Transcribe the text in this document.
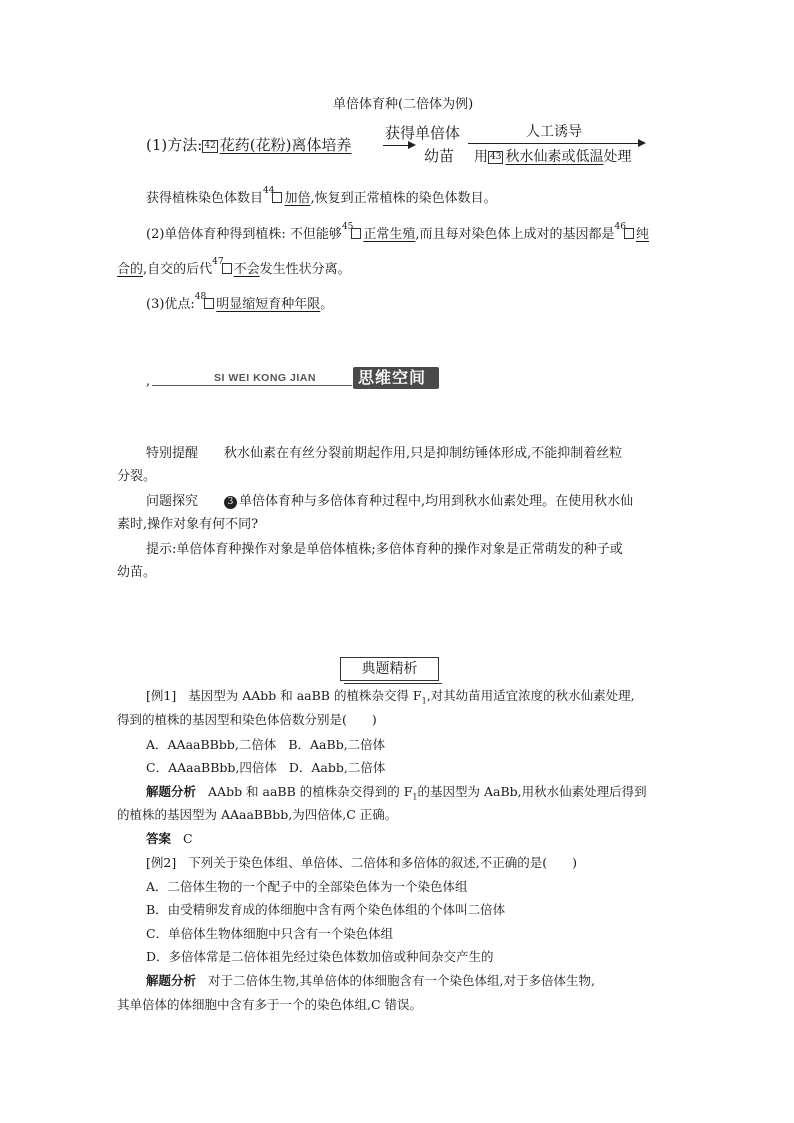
单倍体育种(二倍体为例)
(1)方法: 42 花药(花粉)离体培养
获得单倍体
幼苗
人工诱导
用 43 秋水仙素或低温处理
获得植株染色体数目$^{44}$ 加倍,恢复到正常植株的染色体数目。
(2)单倍体育种得到植株: 不但能够$^{45}$ 正常生殖,而且每对染色体上成对的基因都是$^{46}$ 纯
合的,自交的后代$^{47}$ 不会发生性状分离。
(3)优点:$^{48}$ 明显缩短育种年限。
,	SI WEI KONG JIAN	思维空间
特别提醒 秋水仙素在有丝分裂前期起作用,只是抑制纺锤体形成,不能抑制着丝粒
分裂。
问题探究	3 单倍体育种与多倍体育种过程中,均用到秋水仙素处理。在使用秋水仙
素时,操作对象有何不同?
提示:单倍体育种操作对象是单倍体植株;多倍体育种的操作对象是正常萌发的种子或
幼苗。
典题精析
[例1] 基因型为 AAbb 和 aaBB 的植株杂交得 $F_1$,对其幼苗用适宜浓度的秋水仙素处理,
得到的植株的基因型和染色体倍数分别是(　　)
A．AAaaBBbb,二倍体 B．AaBb,二倍体
C．AAaaBBbb,四倍体 D．Aabb,二倍体
解题分析 AAbb 和 aaBB 的植株杂交得到的 $F_1$的基因型为 AaBb,用秋水仙素处理后得到
的植株的基因型为 AAaaBBbb,为四倍体,C 正确。
答案 C
[例2] 下列关于染色体组、单倍体、二倍体和多倍体的叙述,不正确的是(　　)
A．二倍体生物的一个配子中的全部染色体为一个染色体组
B．由受精卵发育成的体细胞中含有两个染色体组的个体叫二倍体
C．单倍体生物体细胞中只含有一个染色体组
D．多倍体常是二倍体祖先经过染色体数加倍或种间杂交产生的
解题分析 对于二倍体生物,其单倍体的体细胞含有一个染色体组,对于多倍体生物,
其单倍体的体细胞中含有多于一个的染色体组,C 错误。
